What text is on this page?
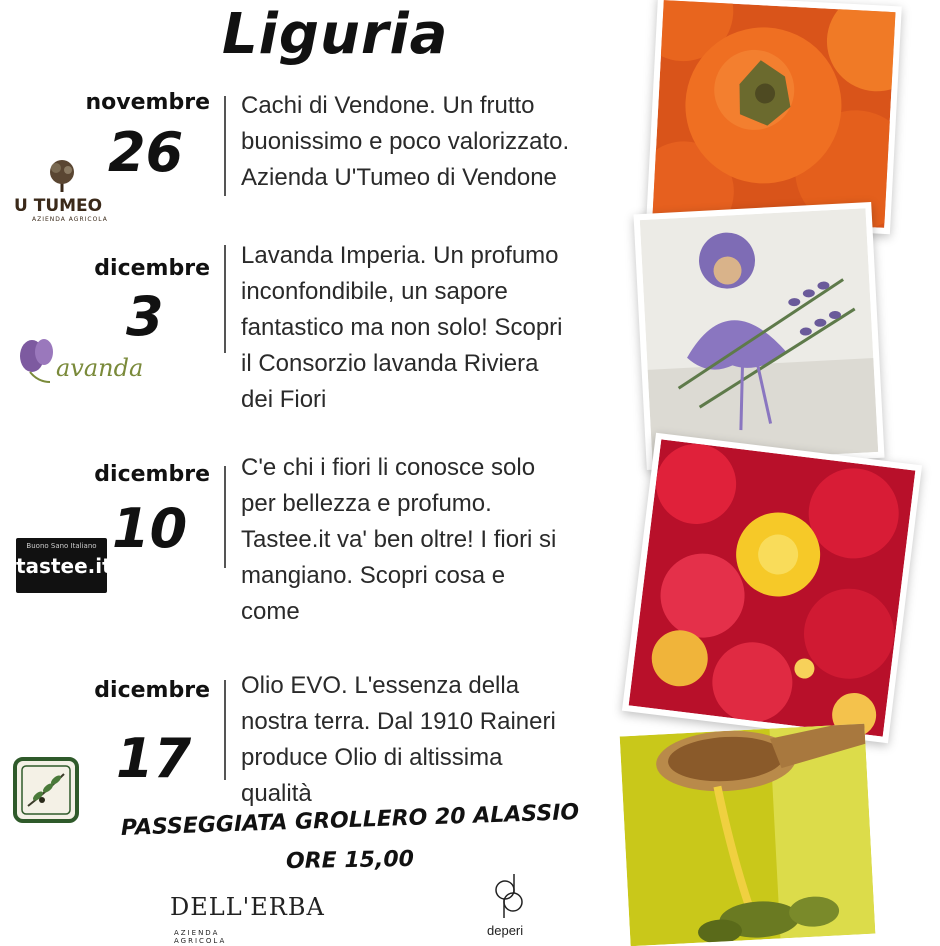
Liguria
novembre
26
Cachi di Vendone. Un frutto
buonissimo e poco valorizzato.
Azienda U'Tumeo di Vendone
U TUMEO
AZIENDA AGRICOLA
dicembre
3
Lavanda Imperia. Un profumo
inconfondibile, un sapore
fantastico ma non solo! Scopri
il Consorzio lavanda Riviera
dei Fiori
avanda
dicembre
10
C'e chi i fiori li conosce solo
per bellezza e profumo.
Tastee.it va' ben oltre! I fiori si
mangiano. Scopri cosa e
come
Buono Sano Italiano
tastee.it
dicembre
17
Olio EVO. L'essenza della
nostra terra. Dal 1910 Raineri
produce Olio di altissima
qualità
PASSEGGIATA GROLLERO 20 ALASSIO
ORE 15,00
DELL'ERBA
AZIENDA AGRICOLA
deperi
